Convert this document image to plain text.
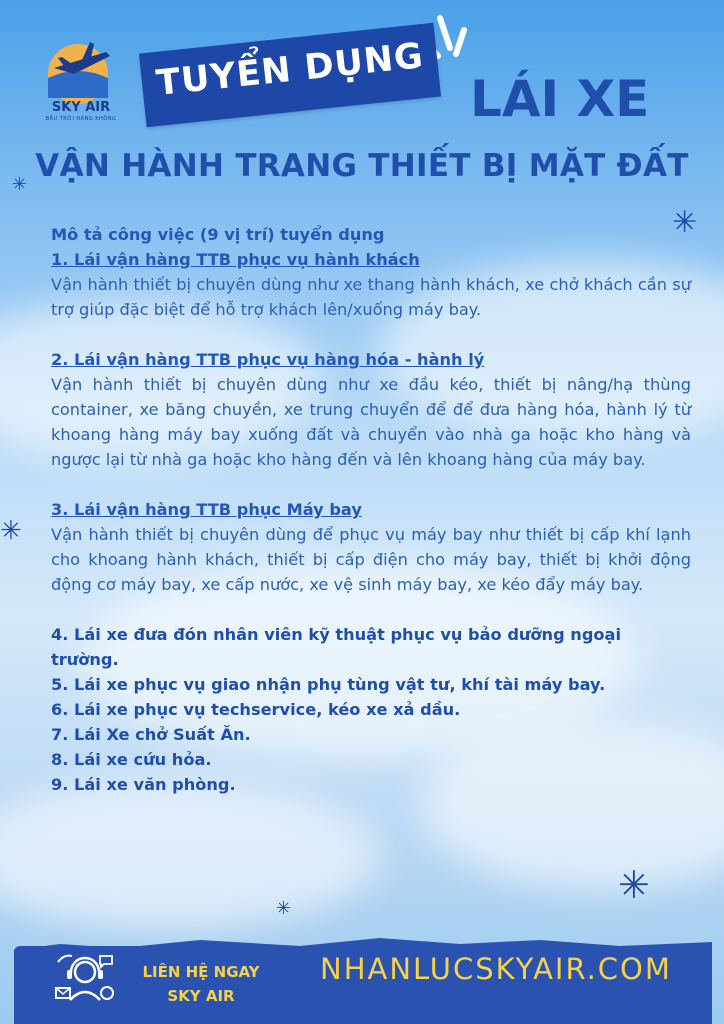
SKY AIR
BẦU TRỜI HÀNG KHÔNG
TUYỂN DỤNG LÁI XE
VẬN HÀNH TRANG THIẾT BỊ MẶT ĐẤT
✳
✳
✳
✳
✳

Mô tả công việc (9 vị trí) tuyển dụng

1. Lái vận hàng TTB phục vụ hành khách

Vận hành thiết bị chuyên dùng như xe thang hành khách, xe chở khách cần sự trợ giúp đặc biệt để hỗ trợ khách lên/xuống máy bay.

2. Lái vận hàng TTB phục vụ hàng hóa - hành lý

Vận hành thiết bị chuyên dùng như xe đầu kéo, thiết bị nâng/hạ thùng container, xe băng chuyền, xe trung chuyển để để đưa hàng hóa, hành lý từ khoang hàng máy bay xuống đất và chuyển vào nhà ga hoặc kho hàng và ngược lại từ nhà ga hoặc kho hàng đến và lên khoang hàng của máy bay.

3. Lái vận hàng TTB phục Máy bay

Vận hành thiết bị chuyên dùng để phục vụ máy bay như thiết bị cấp khí lạnh cho khoang hành khách, thiết bị cấp điện cho máy bay, thiết bị khởi động động cơ máy bay, xe cấp nước, xe vệ sinh máy bay, xe kéo đẩy máy bay.

4. Lái xe đưa đón nhân viên kỹ thuật phục vụ bảo dưỡng ngoại trường.

5. Lái xe phục vụ giao nhận phụ tùng vật tư, khí tài máy bay.

6. Lái xe phục vụ techservice, kéo xe xả dầu.

7. Lái Xe chở Suất Ăn.

8. Lái xe cứu hỏa.

9. Lái xe văn phòng.

LIÊN HỆ NGAY
SKY AIR
NHANLUCSKYAIR.COM
